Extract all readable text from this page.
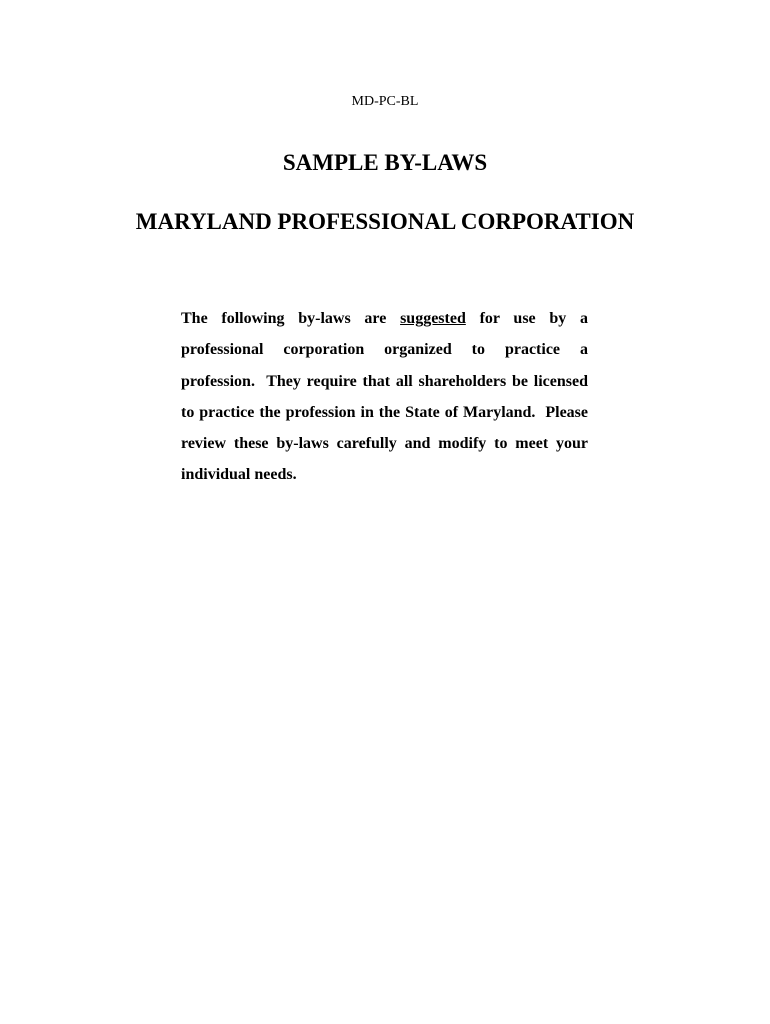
MD-PC-BL
SAMPLE BY-LAWS
MARYLAND PROFESSIONAL CORPORATION

The following by-laws are suggested for use by a professional corporation organized to practice a profession.  They require that all shareholders be licensed to practice the profession in the State of Maryland.  Please review these by-laws carefully and modify to meet your individual needs.
